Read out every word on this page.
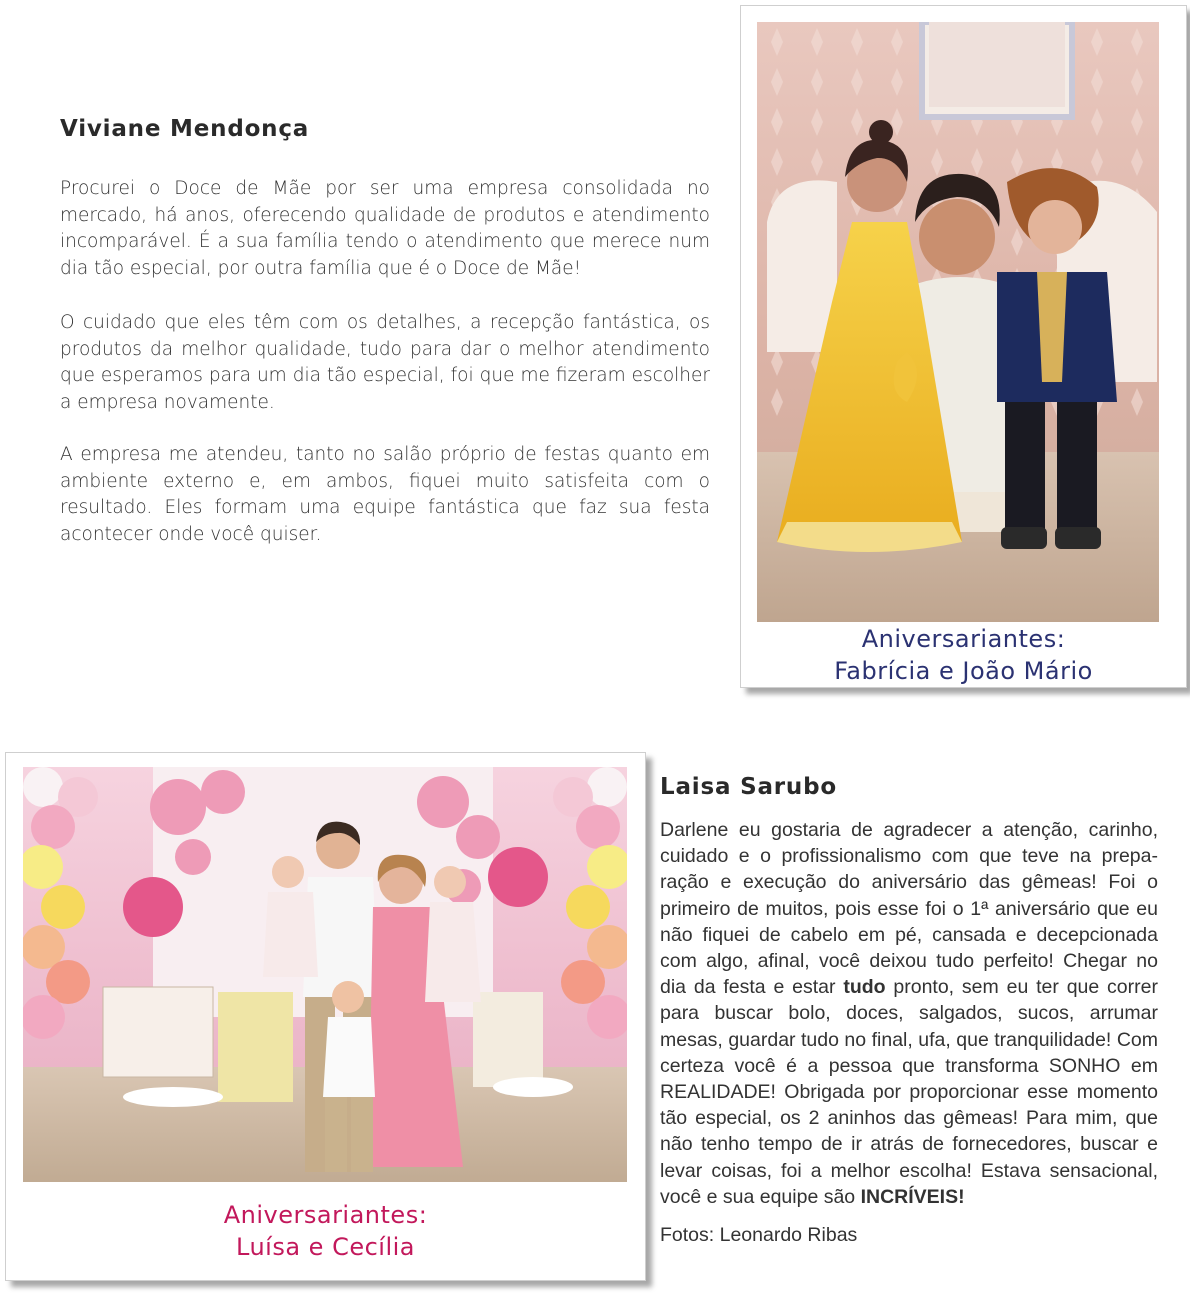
Viviane Mendonça

Procurei o Doce de Mãe por ser uma empresa consolidada no mercado, há anos, oferecendo qualidade de produtos e atendimento incomparável. É a sua família tendo o atendimento que merece num dia tão especial, por outra família que é o Doce de Mãe!

O cuidado que eles têm com os detalhes, a recepção fantástica, os produtos da melhor qualidade, tudo para dar o melhor atendimento que esperamos para um dia tão especial, foi que me fizeram escolher a empresa novamente.

A empresa me atendeu, tanto no salão próprio de festas quanto em ambiente externo e, em ambos, fiquei muito satisfeita com o resultado. Eles formam uma equipe fantástica que faz sua festa acontecer onde você quiser.

Aniversariantes:
Fabrícia e João Mário
Aniversariantes:
Luísa e Cecília
Laisa Sarubo

Darlene eu gostaria de agradecer a atenção, carinho, cuidado e o profissionalismo com que teve na preparação e execução do aniversário das gêmeas! Foi o primeiro de muitos, pois esse foi o 1ª aniversário que eu não fiquei de cabelo em pé, cansada e decepcionada com algo, afinal, você deixou tudo perfeito! Chegar no dia da festa e estar tudo pronto, sem eu ter que correr para buscar bolo, doces, salgados, sucos, arrumar mesas, guardar tudo no final, ufa, que tranquilidade! Com certeza você é a pessoa que transforma SONHO em REALIDADE! Obrigada por proporcionar esse momento tão especial, os 2 aninhos das gêmeas! Para mim, que não tenho tempo de ir atrás de fornecedores, buscar e levar coisas, foi a melhor escolha! Estava sensacional, você e sua equipe são INCRÍVEIS!

Fotos: Leonardo Ribas
